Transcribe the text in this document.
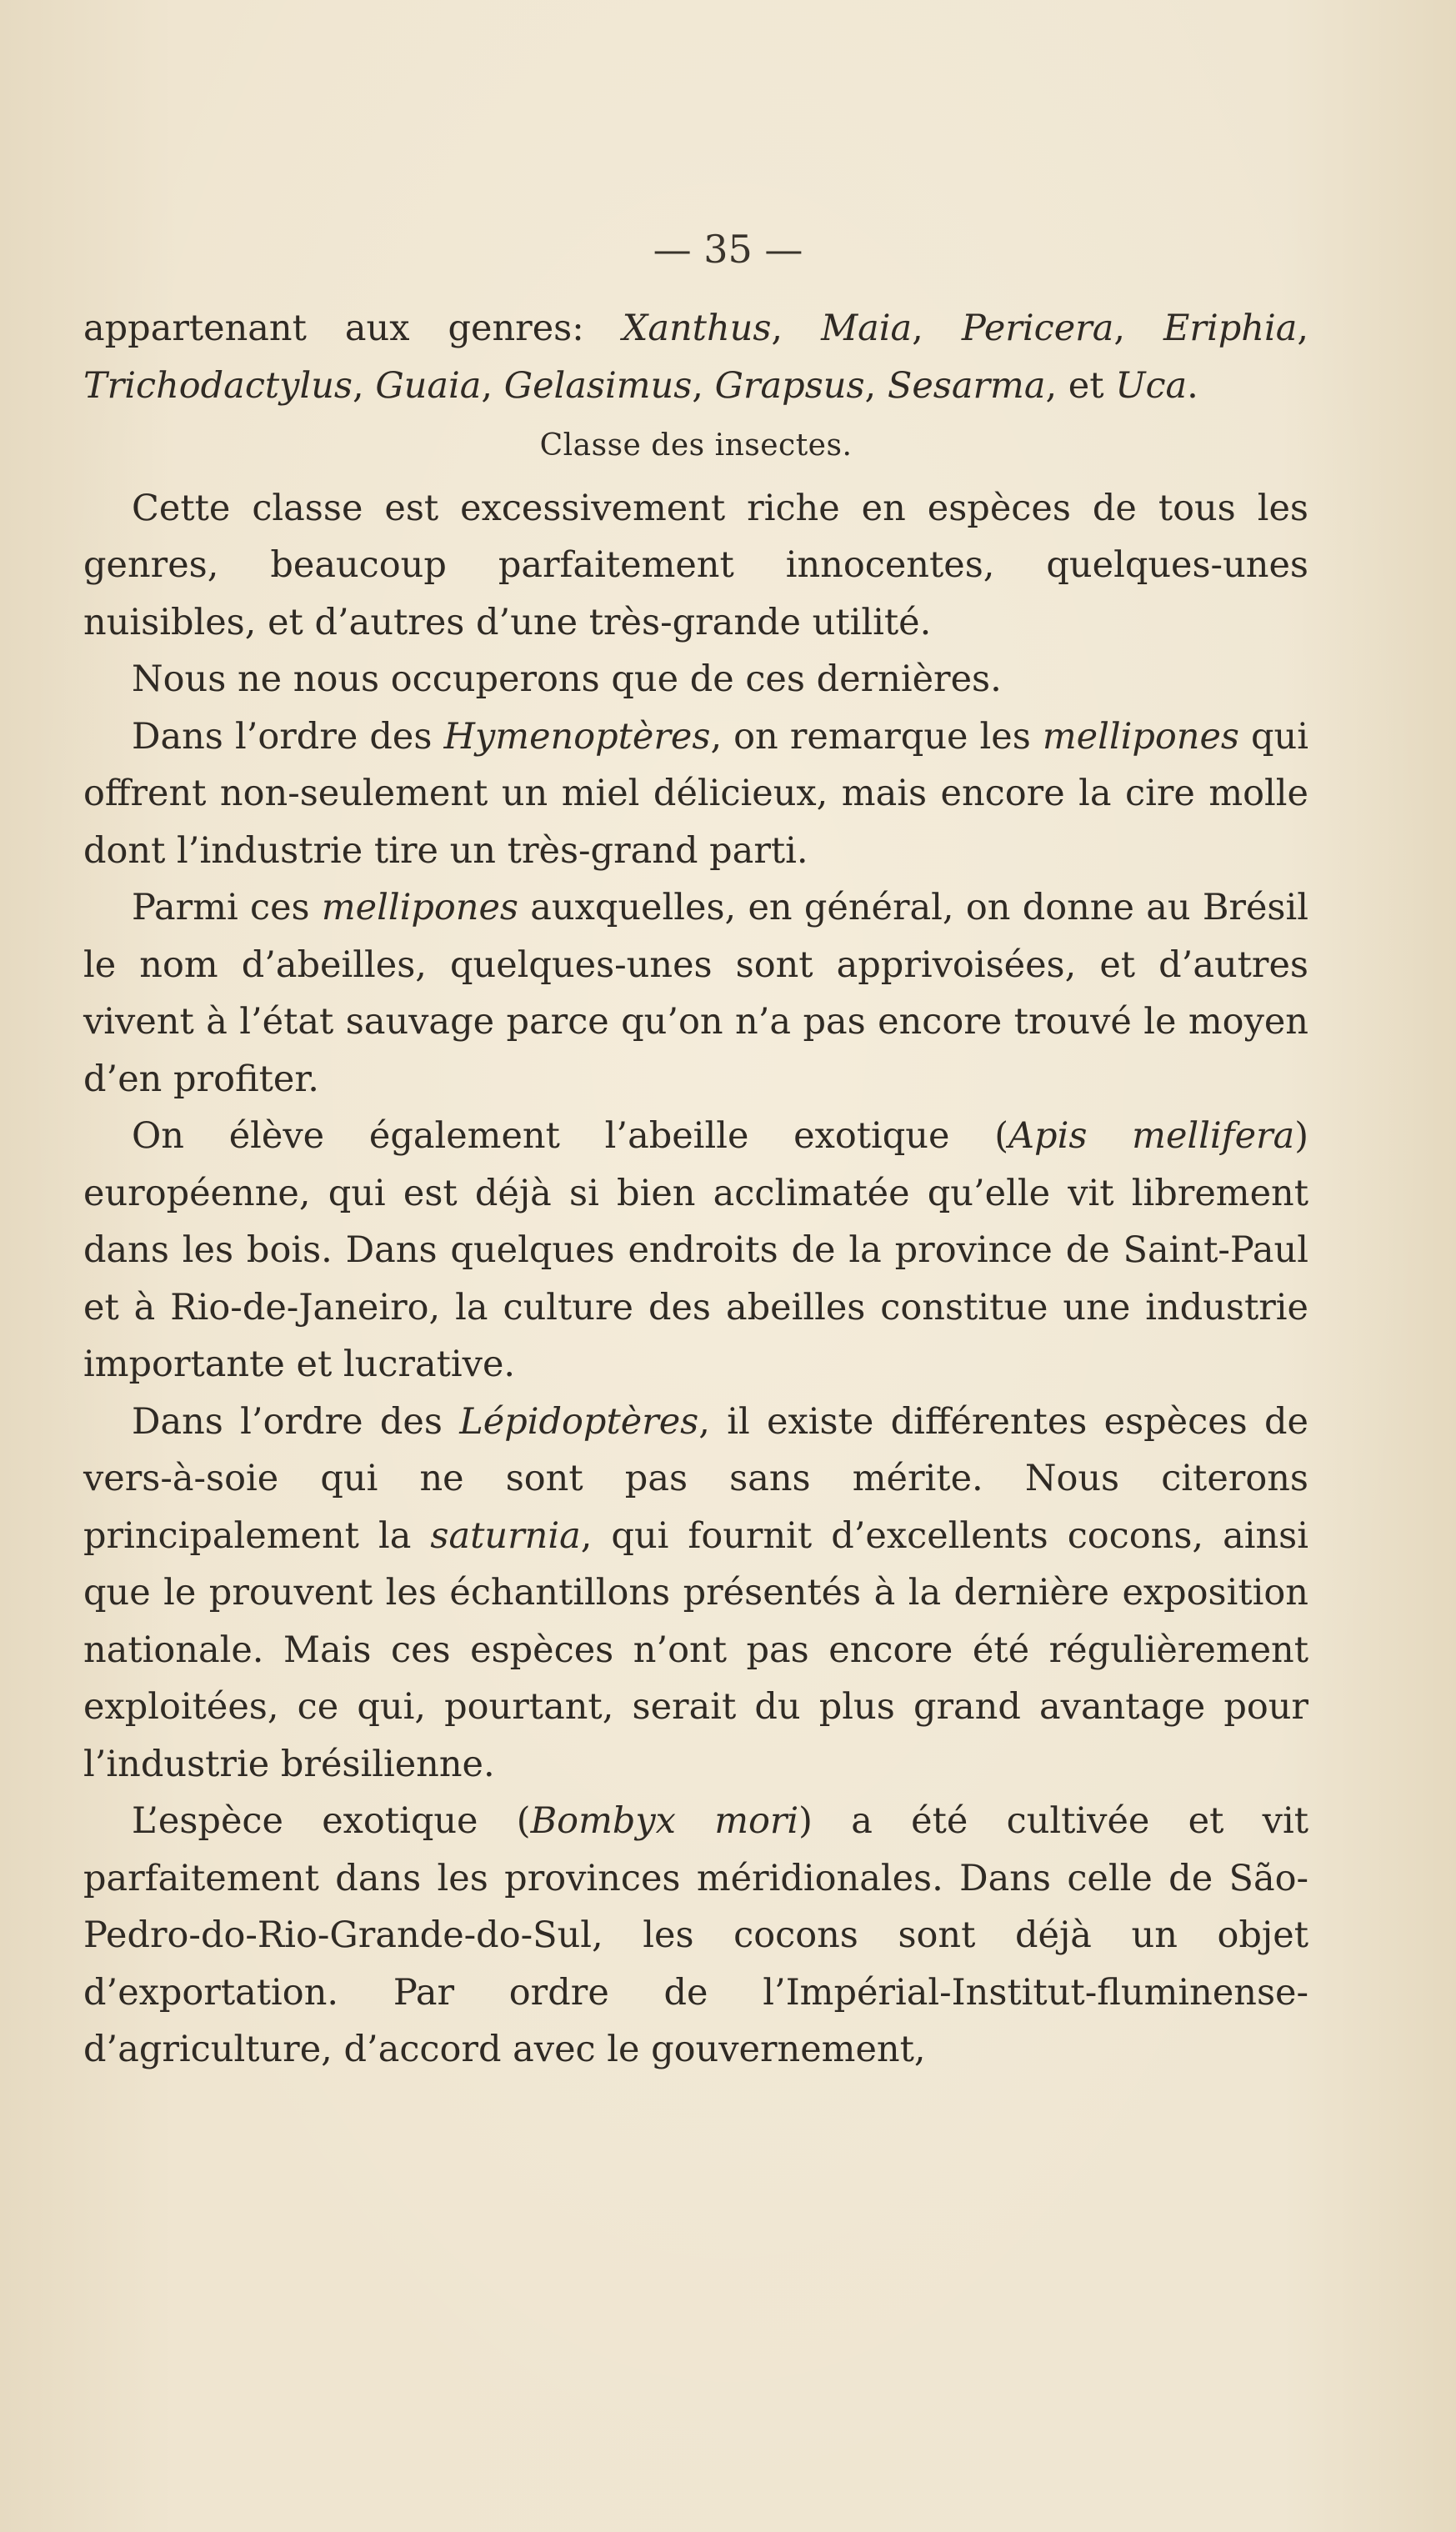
— 35 —

appartenant aux genres: Xanthus, Maia, Pericera, Eriphia, Trichodactylus, Guaia, Gelasimus, Grapsus, Sesarma, et Uca.

Classe des insectes.

Cette classe est excessivement riche en espèces de tous les genres, beaucoup parfaitement innocentes, quelques-unes nuisibles, et d’autres d’une très-grande utilité.

Nous ne nous occuperons que de ces dernières.

Dans l’ordre des Hymenoptères, on remarque les mellipones qui offrent non-seulement un miel délicieux, mais encore la cire molle dont l’industrie tire un très-grand parti.

Parmi ces mellipones auxquelles, en général, on donne au Brésil le nom d’abeilles, quelques-unes sont apprivoisées, et d’autres vivent à l’état sauvage parce qu’on n’a pas encore trouvé le moyen d’en profiter.

On élève également l’abeille exotique (Apis mellifera) européenne, qui est déjà si bien acclimatée qu’elle vit librement dans les bois. Dans quelques endroits de la province de Saint-Paul et à Rio-de-Janeiro, la culture des abeilles constitue une industrie importante et lucrative.

Dans l’ordre des Lépidoptères, il existe différentes espèces de vers-à-soie qui ne sont pas sans mérite. Nous citerons principalement la saturnia, qui fournit d’excellents cocons, ainsi que le prouvent les échantillons présentés à la dernière exposition nationale. Mais ces espèces n’ont pas encore été régulièrement exploitées, ce qui, pourtant, serait du plus grand avantage pour l’industrie brésilienne.

L’espèce exotique (Bombyx mori) a été cultivée et vit parfaitement dans les provinces méridionales. Dans celle de São-Pedro-do-Rio-Grande-do-Sul, les cocons sont déjà un objet d’exportation. Par ordre de l’Impérial-Institut-fluminense-d’agriculture, d’accord avec le gouvernement,
